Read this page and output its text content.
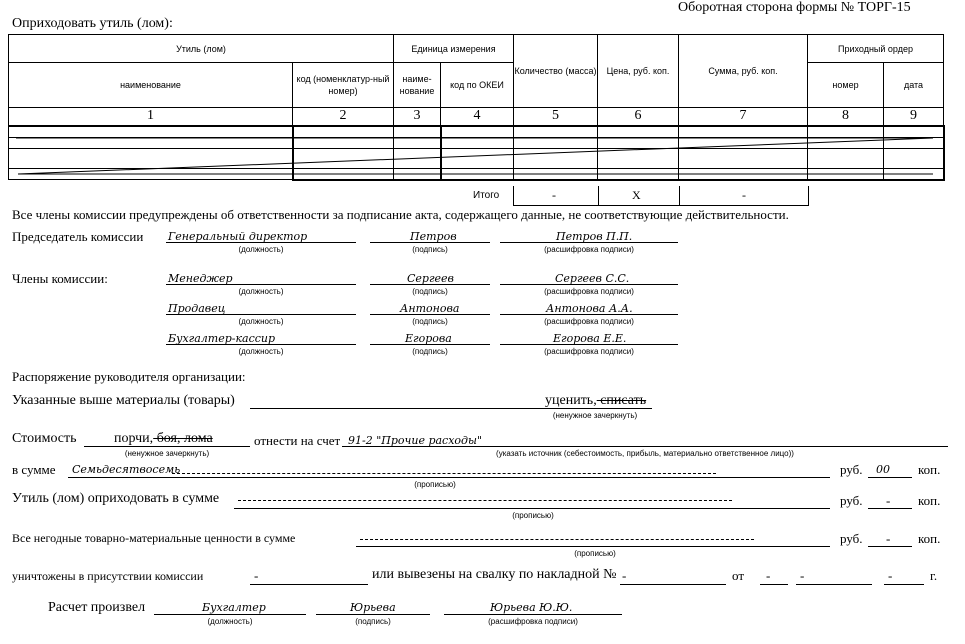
Оборотная сторона формы № ТОРГ-15
Оприходовать утиль (лом):
Утиль (лом)		Единица измерения		Количество (масса)	Цена, руб. коп.	Сумма, руб. коп.	Приходный ордер	
наименование	код (номенклатур-ный номер)	наиме-нование	код по ОКЕИ				номер	дата
1	2	3	4	5	6	7	8	9

Итого	-	Х	-
Все члены комиссии предупреждены об ответственности за подписание акта, содержащего данные, не соответствующие действительности.
Председатель комиссии Генеральный директор
(должность)
Петров
(подпись)
Петров П.П.
(расшифровка подписи)
Члены комиссии:	Менеджер
(должность)
Сергеев
(подпись)
Сергеев С.С.
(расшифровка подписи)
Продавец
(должность)
Антонова
(подпись)
Антонова А.А.
(расшифровка подписи)
Бухгалтер-кассир
(должность)
Егорова
(подпись)
Егорова Е.Е.
(расшифровка подписи)
Распоряжение руководителя организации:
Указанные выше материалы (товары)	уценить, списать
(ненужное зачеркнуть)
Стоимость	порчи, боя, лома
(ненужное зачеркнуть)
отнести на счет 91-2 "Прочие расходы"
(указать источник (себестоимость, прибыль, материально ответственное лицо))
в сумме Семьдесятвосемь
(прописью)
руб. 00 коп.
Утиль (лом) оприходовать в сумме
(прописью)
руб. - коп.
Все негодные товарно-материальные ценности в сумме
(прописью)
руб. - коп.
уничтожены в присутствии комиссии	-	или вывезены на свалку по накладной № -	от - -	-	г.
Расчет произвел	Бухгалтер
(должность)
Юрьева
(подпись)
Юрьева Ю.Ю.
(расшифровка подписи)
